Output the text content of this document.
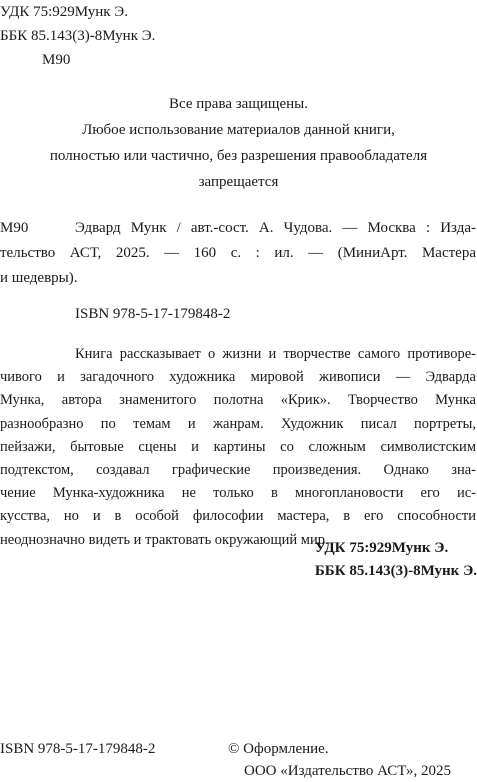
УДК 75:929Мунк Э.
ББК 85.143(3)-8Мунк Э.
М90
Все права защищены.
Любое использование материалов данной книги,
полностью или частично, без разрешения правообладателя
запрещается
М90	Эдвард Мунк / авт.-сост. А. Чудова. — Москва : Изда-
тельство АСТ, 2025. — 160 с. : ил. — (МиниАрт. Мастера
и шедевры).
ISBN 978-5-17-179848-2
Книга рассказывает о жизни и творчестве самого противоре-
чивого и загадочного художника мировой живописи — Эдварда
Мунка, автора знаменитого полотна «Крик». Творчество Мунка
разнообразно по темам и жанрам. Художник писал портреты,
пейзажи, бытовые сцены и картины со сложным символистским
подтекстом, создавал графические произведения. Однако зна-
чение Мунка-художника не только в многоплановости его ис-
кусства, но и в особой философии мастера, в его способности
неоднозначно видеть и трактовать окружающий мир.
УДК 75:929Мунк Э.
ББК 85.143(3)-8Мунк Э.
ISBN 978-5-17-179848-2	© Оформление.
ООО «Издательство АСТ», 2025
